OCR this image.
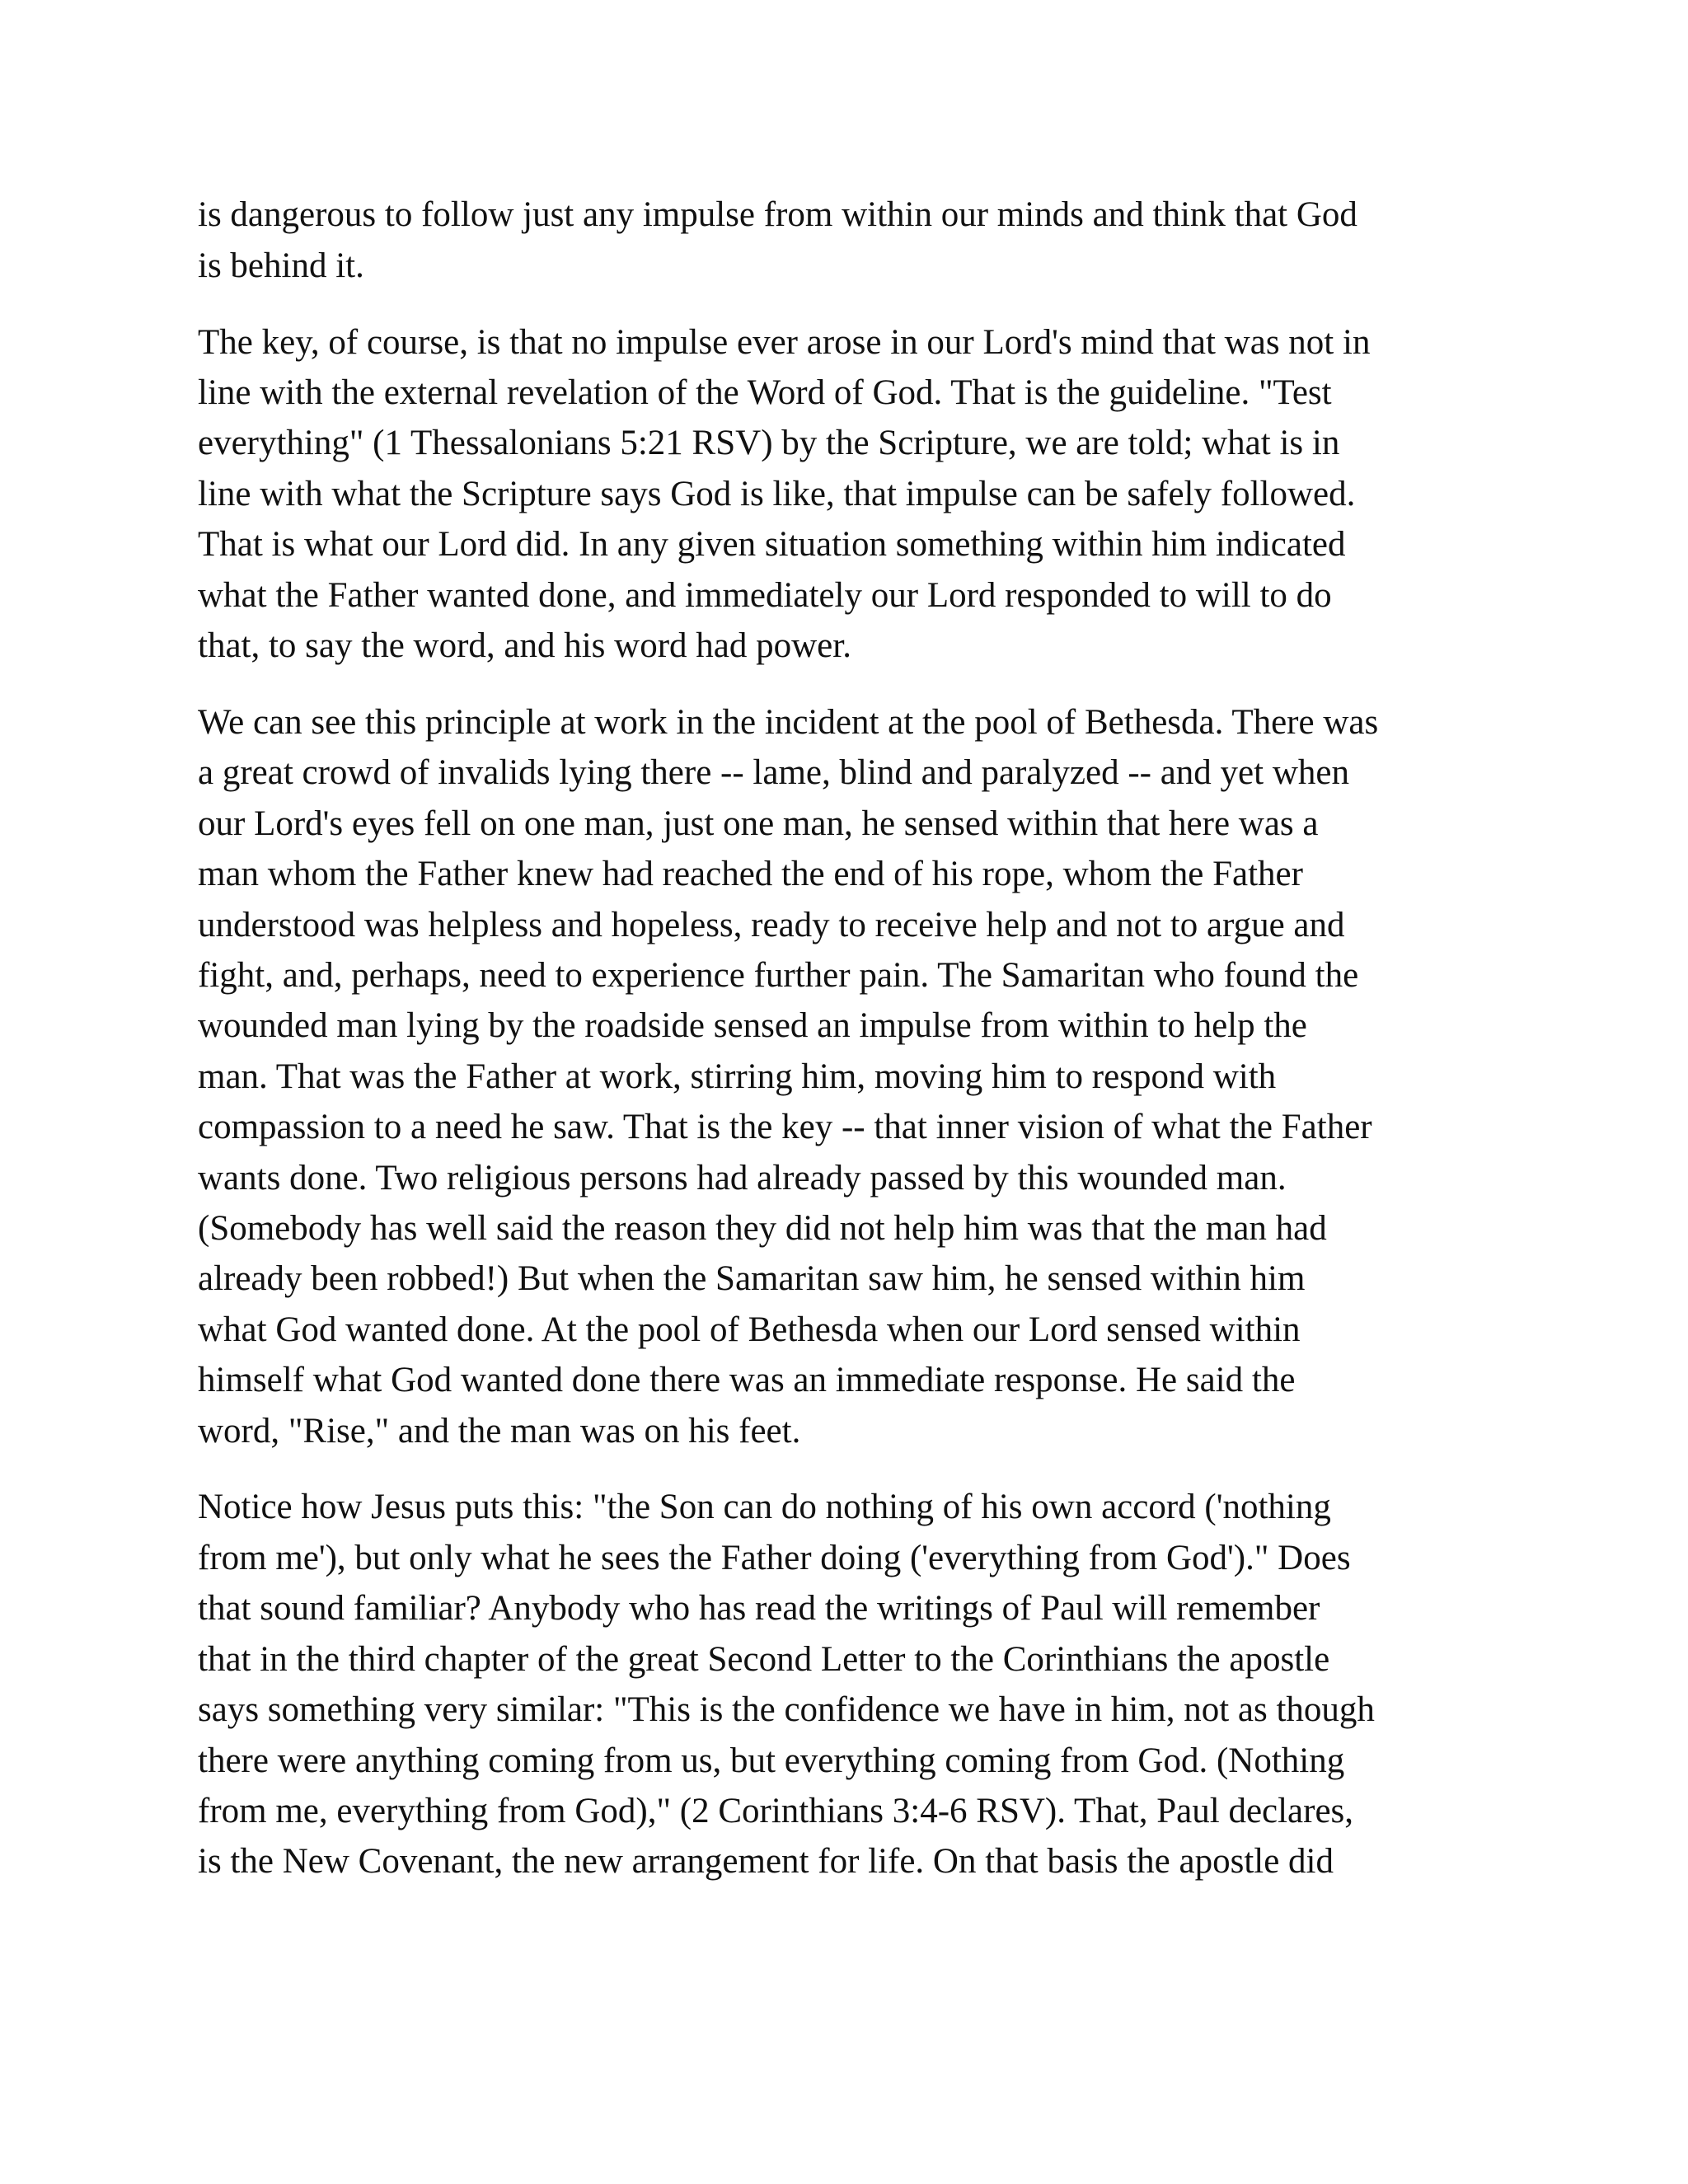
is dangerous to follow just any impulse from within our minds and think that God
is behind it.
The key, of course, is that no impulse ever arose in our Lord's mind that was not in
line with the external revelation of the Word of God. That is the guideline. "Test
everything" (1 Thessalonians 5:21 RSV) by the Scripture, we are told; what is in
line with what the Scripture says God is like, that impulse can be safely followed.
That is what our Lord did. In any given situation something within him indicated
what the Father wanted done, and immediately our Lord responded to will to do
that, to say the word, and his word had power.
We can see this principle at work in the incident at the pool of Bethesda. There was
a great crowd of invalids lying there -- lame, blind and paralyzed -- and yet when
our Lord's eyes fell on one man, just one man, he sensed within that here was a
man whom the Father knew had reached the end of his rope, whom the Father
understood was helpless and hopeless, ready to receive help and not to argue and
fight, and, perhaps, need to experience further pain. The Samaritan who found the
wounded man lying by the roadside sensed an impulse from within to help the
man. That was the Father at work, stirring him, moving him to respond with
compassion to a need he saw. That is the key -- that inner vision of what the Father
wants done. Two religious persons had already passed by this wounded man.
(Somebody has well said the reason they did not help him was that the man had
already been robbed!) But when the Samaritan saw him, he sensed within him
what God wanted done. At the pool of Bethesda when our Lord sensed within
himself what God wanted done there was an immediate response. He said the
word, "Rise," and the man was on his feet.
Notice how Jesus puts this: "the Son can do nothing of his own accord ('nothing
from me'), but only what he sees the Father doing ('everything from God')." Does
that sound familiar? Anybody who has read the writings of Paul will remember
that in the third chapter of the great Second Letter to the Corinthians the apostle
says something very similar: "This is the confidence we have in him, not as though
there were anything coming from us, but everything coming from God. (Nothing
from me, everything from God)," (2 Corinthians 3:4-6 RSV). That, Paul declares,
is the New Covenant, the new arrangement for life. On that basis the apostle did
